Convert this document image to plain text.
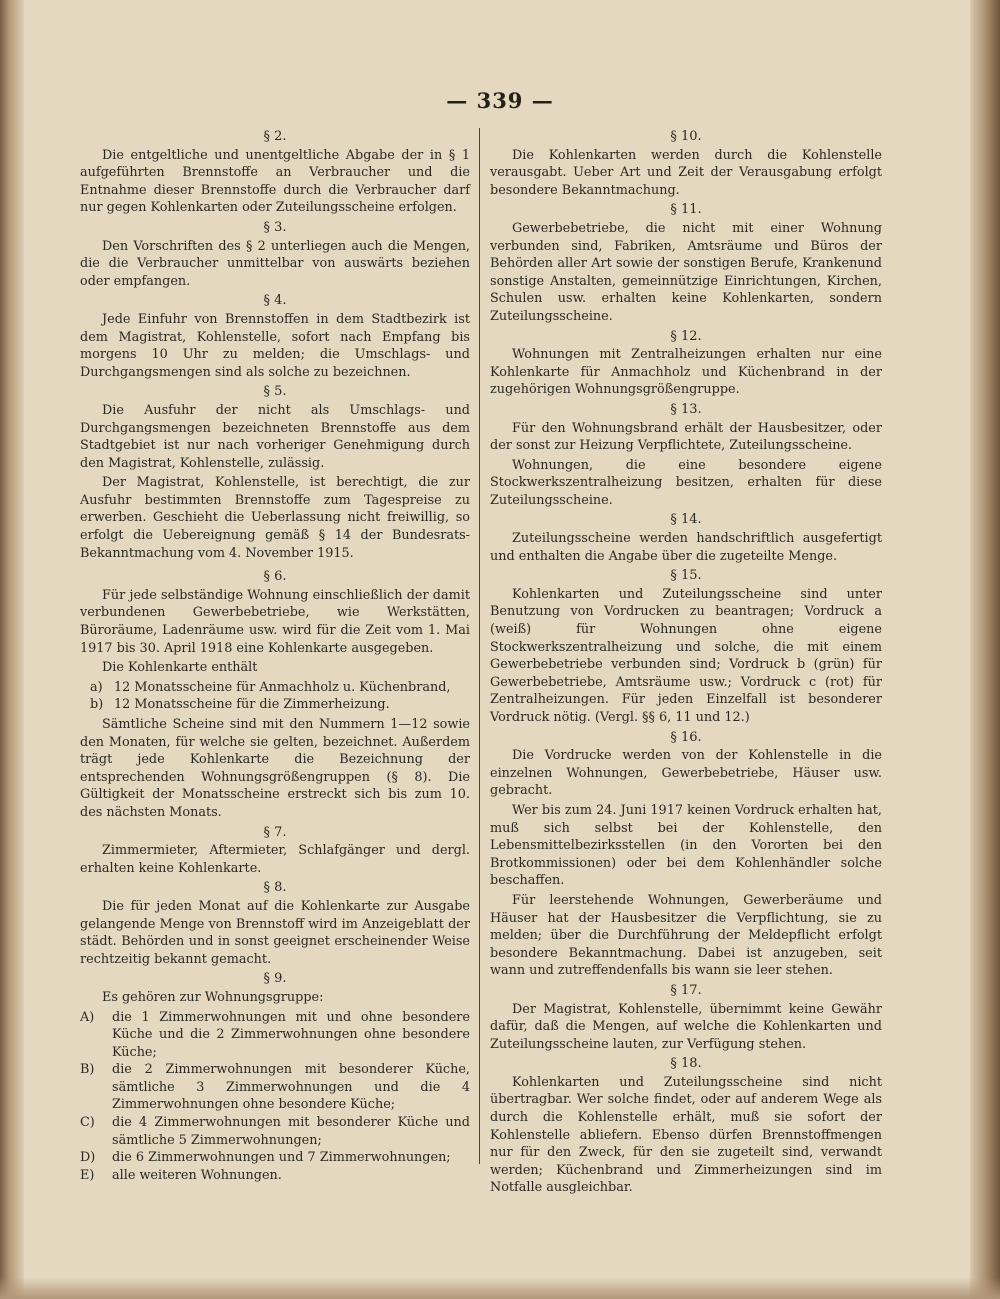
— 339 —
§ 2.

Die entgeltliche und unentgeltliche Abgabe der in § 1 aufgeführten Brennstoffe an Verbraucher und die Entnahme dieser Brennstoffe durch die Verbraucher darf nur gegen Kohlenkarten oder Zuteilungsscheine erfolgen.

§ 3.

Den Vorschriften des § 2 unterliegen auch die Mengen, die die Verbraucher unmittelbar von auswärts beziehen oder empfangen.

§ 4.

Jede Einfuhr von Brennstoffen in dem Stadtbezirk ist dem Magistrat, Kohlenstelle, sofort nach Empfang bis morgens 10 Uhr zu melden; die Umschlags- und Durchgangsmengen sind als solche zu bezeichnen.

§ 5.

Die Ausfuhr der nicht als Umschlags- und Durchgangsmengen bezeichneten Brennstoffe aus dem Stadtgebiet ist nur nach vorheriger Genehmigung durch den Magistrat, Kohlenstelle, zulässig.

Der Magistrat, Kohlenstelle, ist berechtigt, die zur Ausfuhr bestimmten Brennstoffe zum Tagespreise zu erwerben. Geschieht die Ueberlassung nicht freiwillig, so erfolgt die Uebereignung gemäß § 14 der Bundesrats-Bekanntmachung vom 4. November 1915.

§ 6.

Für jede selbständige Wohnung einschließlich der damit verbundenen Gewerbebetriebe, wie Werkstätten, Büroräume, Ladenräume usw. wird für die Zeit vom 1. Mai 1917 bis 30. April 1918 eine Kohlenkarte ausgegeben.

Die Kohlenkarte enthält

a) 12 Monatsscheine für Anmachholz u. Küchenbrand,
b) 12 Monatsscheine für die Zimmerheizung.

Sämtliche Scheine sind mit den Nummern 1—12 sowie den Monaten, für welche sie gelten, bezeichnet. Außerdem trägt jede Kohlenkarte die Bezeichnung der entsprechenden Wohnungsgrößengruppen (§ 8). Die Gültigkeit der Monatsscheine erstreckt sich bis zum 10. des nächsten Monats.

§ 7.

Zimmermieter, Aftermieter, Schlafgänger und dergl. erhalten keine Kohlenkarte.

§ 8.

Die für jeden Monat auf die Kohlenkarte zur Ausgabe gelangende Menge von Brennstoff wird im Anzeigeblatt der städt. Behörden und in sonst geeignet erscheinender Weise rechtzeitig bekannt gemacht.

§ 9.

Es gehören zur Wohnungsgruppe:

A) die 1 Zimmerwohnungen mit und ohne besondere Küche und die 2 Zimmerwohnungen ohne besondere Küche;
B) die 2 Zimmerwohnungen mit besonderer Küche, sämtliche 3 Zimmerwohnungen und die 4 Zimmerwohnungen ohne besondere Küche;
C) die 4 Zimmerwohnungen mit besonderer Küche und sämtliche 5 Zimmerwohnungen;
D) die 6 Zimmerwohnungen und 7 Zimmerwohnungen;
E) alle weiteren Wohnungen.
§ 10.

Die Kohlenkarten werden durch die Kohlenstelle verausgabt. Ueber Art und Zeit der Verausgabung erfolgt besondere Bekanntmachung.

§ 11.

Gewerbebetriebe, die nicht mit einer Wohnung verbunden sind, Fabriken, Amtsräume und Büros der Behörden aller Art sowie der sonstigen Berufe, Krankenund sonstige Anstalten, gemeinnützige Einrichtungen, Kirchen, Schulen usw. erhalten keine Kohlenkarten, sondern Zuteilungsscheine.

§ 12.

Wohnungen mit Zentralheizungen erhalten nur eine Kohlenkarte für Anmachholz und Küchenbrand in der zugehörigen Wohnungsgrößengruppe.

§ 13.

Für den Wohnungsbrand erhält der Hausbesitzer, oder der sonst zur Heizung Verpflichtete, Zuteilungsscheine.

Wohnungen, die eine besondere eigene Stockwerkszentralheizung besitzen, erhalten für diese Zuteilungsscheine.

§ 14.

Zuteilungsscheine werden handschriftlich ausgefertigt und enthalten die Angabe über die zugeteilte Menge.

§ 15.

Kohlenkarten und Zuteilungsscheine sind unter Benutzung von Vordrucken zu beantragen; Vordruck a (weiß) für Wohnungen ohne eigene Stockwerkszentralheizung und solche, die mit einem Gewerbebetriebe verbunden sind; Vordruck b (grün) für Gewerbebetriebe, Amtsräume usw.; Vordruck c (rot) für Zentralheizungen. Für jeden Einzelfall ist besonderer Vordruck nötig. (Vergl. §§ 6, 11 und 12.)

§ 16.

Die Vordrucke werden von der Kohlenstelle in die einzelnen Wohnungen, Gewerbebetriebe, Häuser usw. gebracht.

Wer bis zum 24. Juni 1917 keinen Vordruck erhalten hat, muß sich selbst bei der Kohlenstelle, den Lebensmittelbezirksstellen (in den Vororten bei den Brotkommissionen) oder bei dem Kohlenhändler solche beschaffen.

Für leerstehende Wohnungen, Gewerberäume und Häuser hat der Hausbesitzer die Verpflichtung, sie zu melden; über die Durchführung der Meldepflicht erfolgt besondere Bekanntmachung. Dabei ist anzugeben, seit wann und zutreffendenfalls bis wann sie leer stehen.

§ 17.

Der Magistrat, Kohlenstelle, übernimmt keine Gewähr dafür, daß die Mengen, auf welche die Kohlenkarten und Zuteilungsscheine lauten, zur Verfügung stehen.

§ 18.

Kohlenkarten und Zuteilungsscheine sind nicht übertragbar. Wer solche findet, oder auf anderem Wege als durch die Kohlenstelle erhält, muß sie sofort der Kohlenstelle abliefern. Ebenso dürfen Brennstoffmengen nur für den Zweck, für den sie zugeteilt sind, verwandt werden; Küchenbrand und Zimmerheizungen sind im Notfalle ausgleichbar.
